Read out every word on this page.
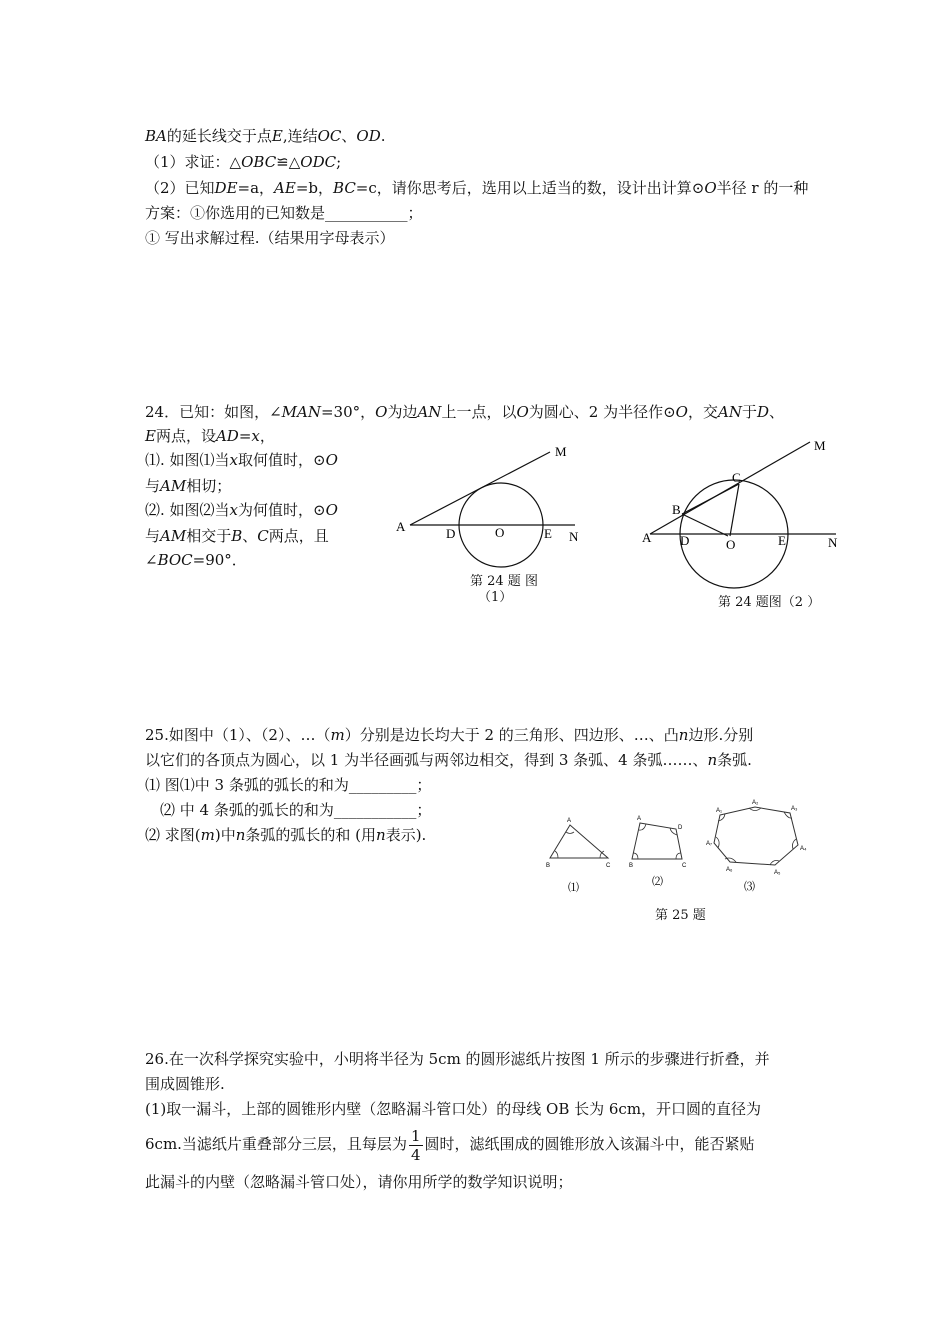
BA的延长线交于点E,连结OC、OD.
（1）求证：△OBC≌△ODC;
（2）已知DE=a，AE=b，BC=c，请你思考后，选用以上适当的数，设计出计算⊙O半径 r 的一种
方案：①你选用的已知数是___________；
① 写出求解过程.（结果用字母表示）
24．已知：如图，∠MAN=30°，O为边AN上一点，以O为圆心、2 为半径作⊙O，交AN于D、
E两点，设AD=x，
⑴. 如图⑴当x取何值时，⊙O
与AM相切；
⑵. 如图⑵当x为何值时，⊙O
与AM相交于B、C两点，且
∠BOC=90°．
M
A	D	O	E N
第 24 题 图
（1）
M
C
B
A D	O	E	N
第 24 题图（2 ）
25.如图中（1）、（2）、…（m）分别是边长均大于 2 的三角形、四边形、…、凸n边形.分别
以它们的各顶点为圆心，以 1 为半径画弧与两邻边相交，得到 3 条弧、4 条弧……、n条弧.
⑴ 图⑴中 3 条弧的弧长的和为_________；
⑵ 中 4 条弧的弧长的和为___________；
⑵ 求图(m)中n条弧的弧长的和 (用n表示).
A
B	C
⑴
A
D
B	C
⑵
A₁
A₂
A₃
A₄
A₅
A₆
A₇
⑶
第 25 题
26.在一次科学探究实验中，小明将半径为 5cm 的圆形滤纸片按图 1 所示的步骤进行折叠，并
围成圆锥形.
(1)取一漏斗，上部的圆锥形内壁（忽略漏斗管口处）的母线 OB 长为 6cm，开口圆的直径为
6cm.当滤纸片重叠部分三层，且每层为 $\frac{1}{4}$ 圆时，滤纸围成的圆锥形放入该漏斗中，能否紧贴
此漏斗的内壁（忽略漏斗管口处），请你用所学的数学知识说明；
